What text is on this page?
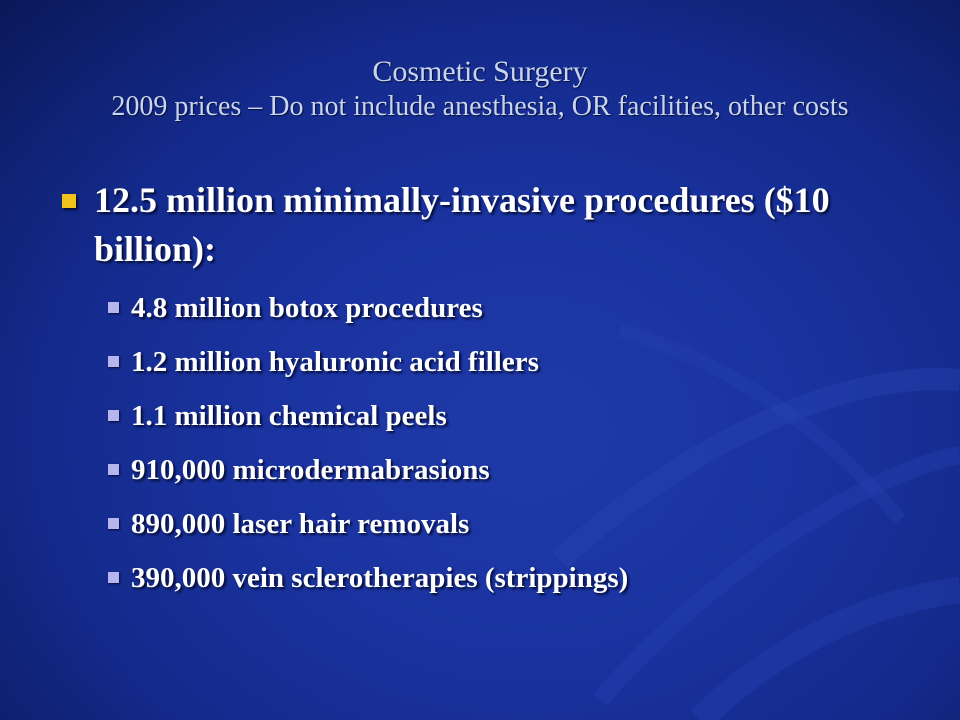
Cosmetic Surgery
2009 prices – Do not include anesthesia, OR facilities, other costs
12.5 million minimally-invasive procedures ($10 billion):
4.8 million botox procedures
1.2 million hyaluronic acid fillers
1.1 million chemical peels
910,000 microdermabrasions
890,000 laser hair removals
390,000 vein sclerotherapies (strippings)
